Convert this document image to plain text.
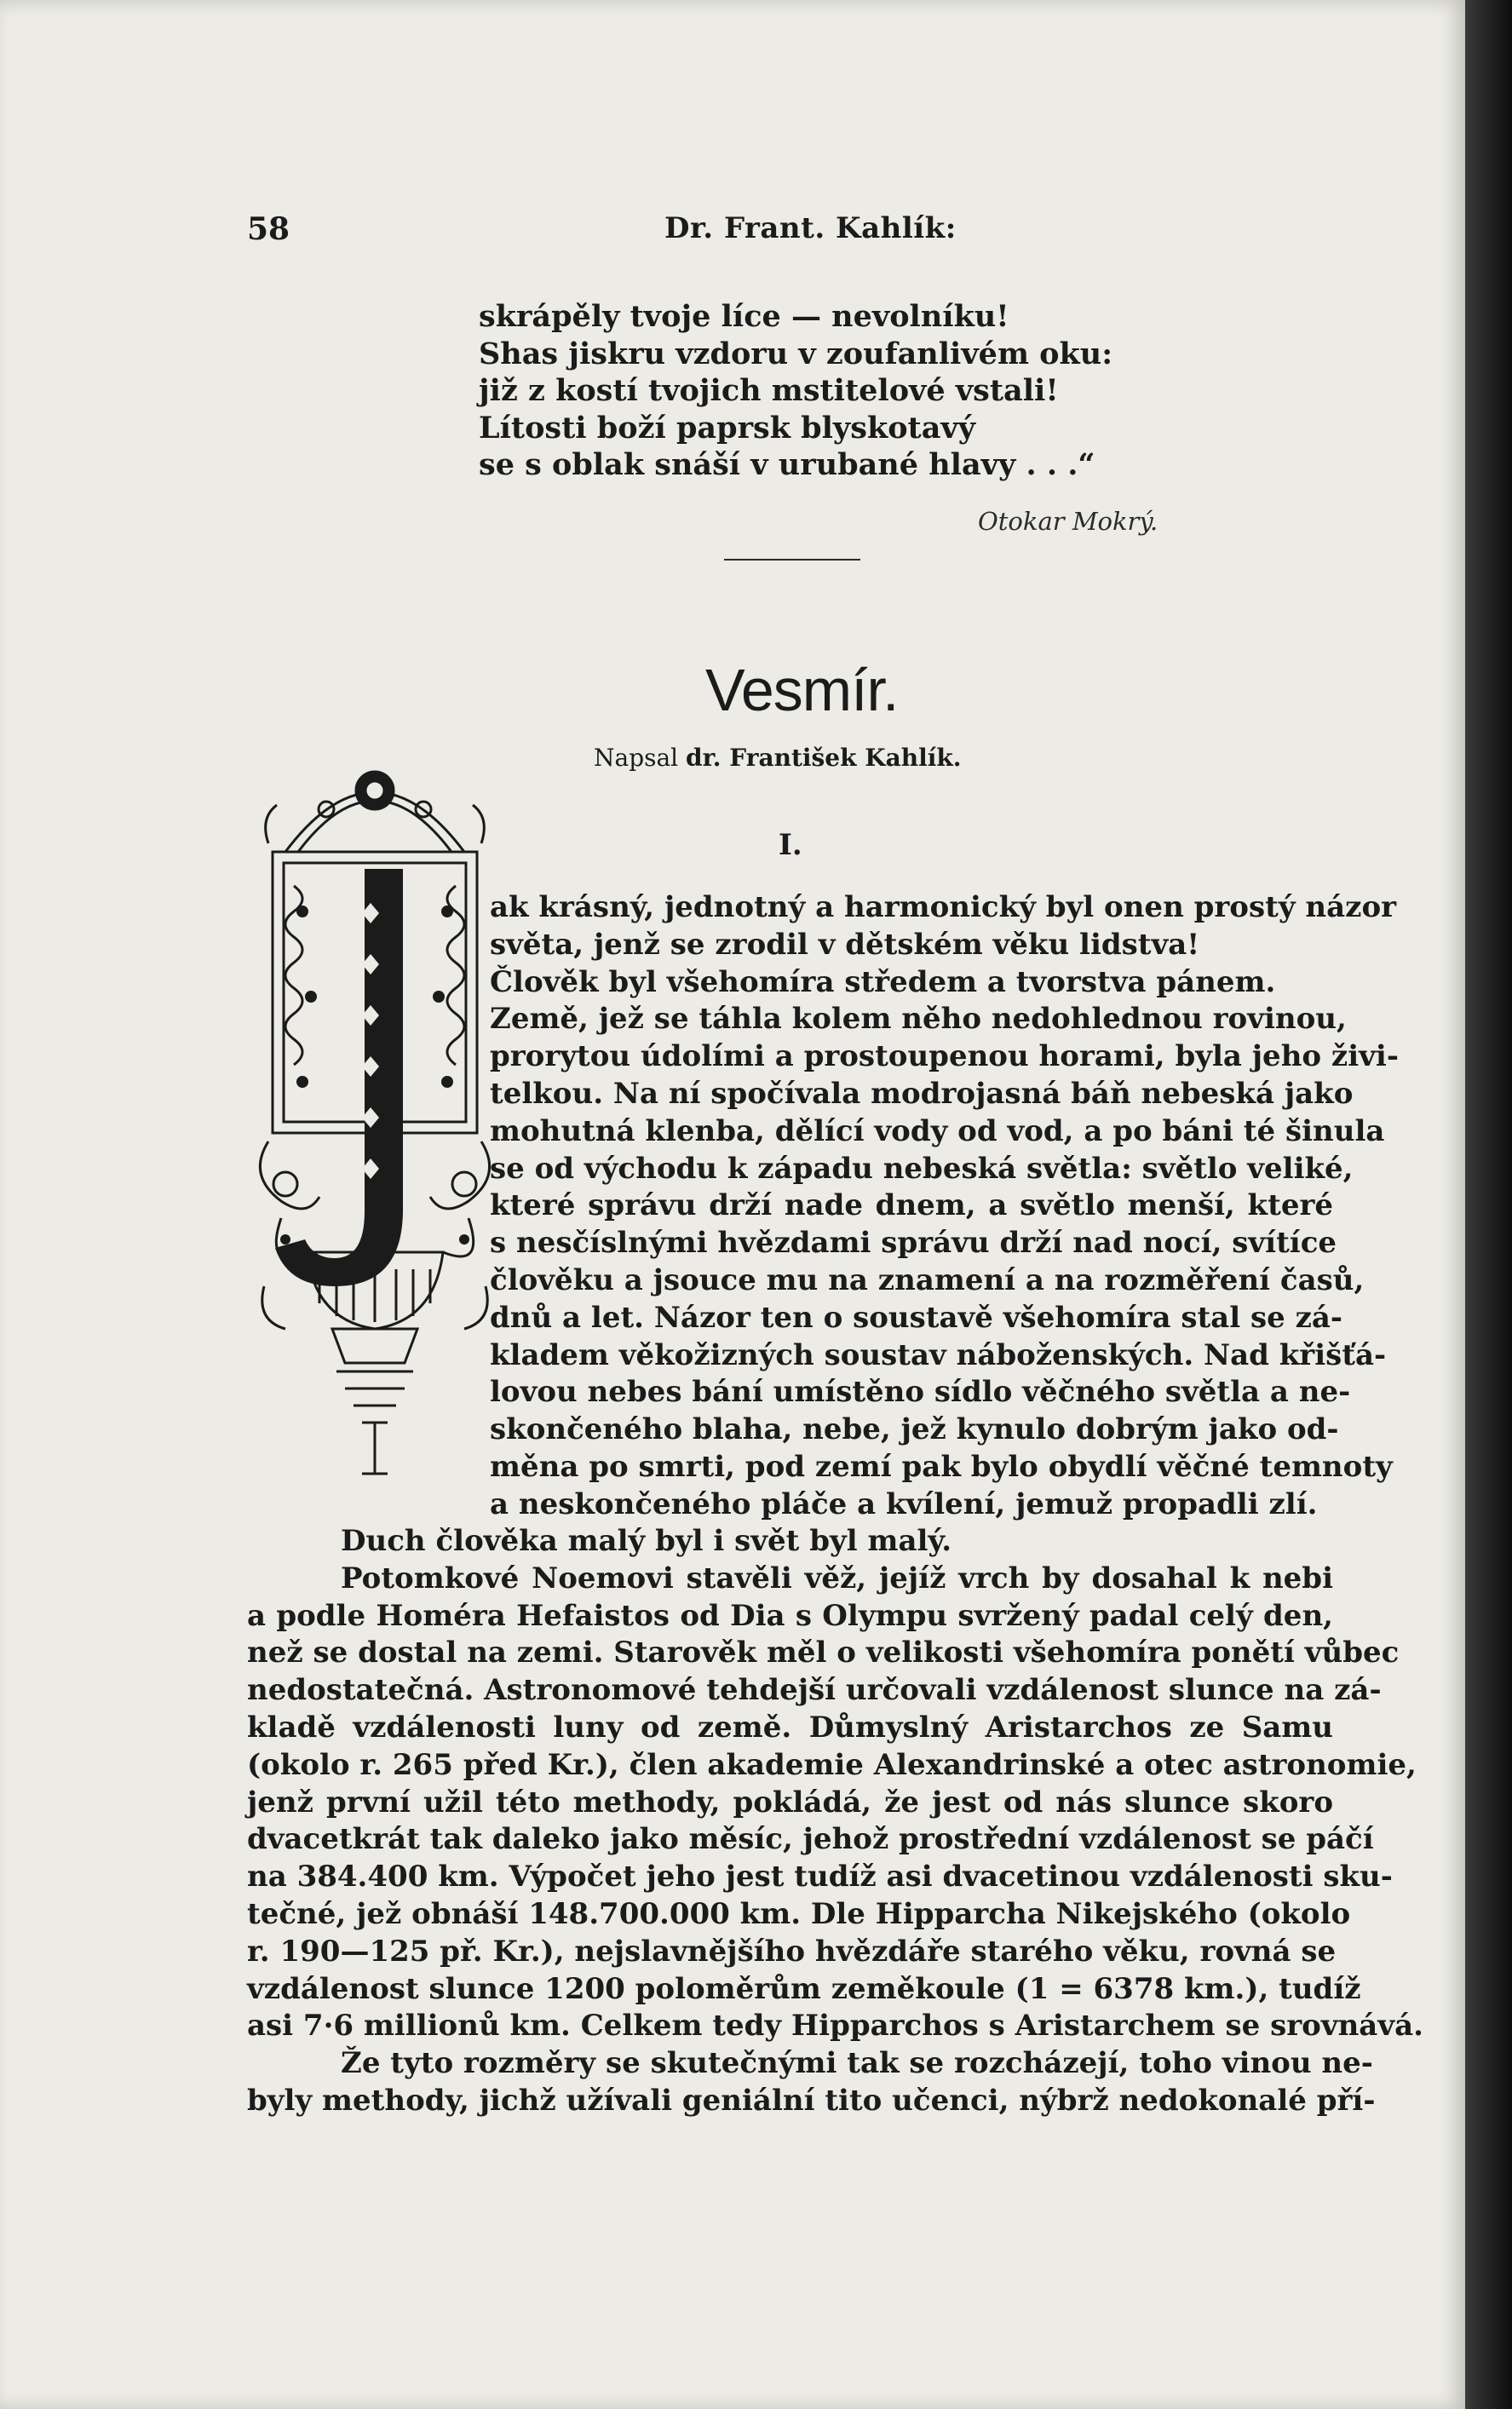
58	Dr. Frant. Kahlík:
skrápěly tvoje líce — nevolníku!
Shas jiskru vzdoru v zoufanlivém oku:
již z kostí tvojich mstitelové vstali!
Lítosti boží paprsk blyskotavý
se s oblak snáší v urubané hlavy . . .“
Otokar Mokrý.
Vesmír.
Napsal dr. František Kahlík.
I.
ak krásný, jednotný a harmonický byl onen prostý názor
světa, jenž se zrodil v dětském věku lidstva!
Člověk byl všehomíra středem a tvorstva pánem.
Země, jež se táhla kolem něho nedohlednou rovinou,
prorytou údolími a prostoupenou horami, byla jeho živi-
telkou. Na ní spočívala modrojasná báň nebeská jako
mohutná klenba, dělící vody od vod, a po báni té šinula
se od východu k západu nebeská světla: světlo veliké,
které správu drží nade dnem, a světlo menší, které
s nesčíslnými hvězdami správu drží nad nocí, svítíce
člověku a jsouce mu na znamení a na rozměření časů,
dnů a let. Názor ten o soustavě všehomíra stal se zá-
kladem věkožizných soustav náboženských. Nad křišťá-
lovou nebes bání umístěno sídlo věčného světla a ne-
skončeného blaha, nebe, jež kynulo dobrým jako od-
měna po smrti, pod zemí pak bylo obydlí věčné temnoty
a neskončeného pláče a kvílení, jemuž propadli zlí.
Duch člověka malý byl i svět byl malý.
Potomkové Noemovi stavěli věž, jejíž vrch by dosahal k nebi
a podle Homéra Hefaistos od Dia s Olympu svržený padal celý den,
než se dostal na zemi. Starověk měl o velikosti všehomíra ponětí vůbec
nedostatečná. Astronomové tehdejší určovali vzdálenost slunce na zá-
kladě vzdálenosti luny od země. Důmyslný Aristarchos ze Samu
(okolo r. 265 před Kr.), člen akademie Alexandrinské a otec astronomie,
jenž první užil této methody, pokládá, že jest od nás slunce skoro
dvacetkrát tak daleko jako měsíc, jehož prostřední vzdálenost se páčí
na 384.400 km. Výpočet jeho jest tudíž asi dvacetinou vzdálenosti sku-
tečné, jež obnáší 148.700.000 km. Dle Hipparcha Nikejského (okolo
r. 190—125 př. Kr.), nejslavnějšího hvězdáře starého věku, rovná se
vzdálenost slunce 1200 poloměrům zeměkoule (1 = 6378 km.), tudíž
asi 7·6 millionů km. Celkem tedy Hipparchos s Aristarchem se srovnává.
Že tyto rozměry se skutečnými tak se rozcházejí, toho vinou ne-
byly methody, jichž užívali geniální tito učenci, nýbrž nedokonalé pří-
